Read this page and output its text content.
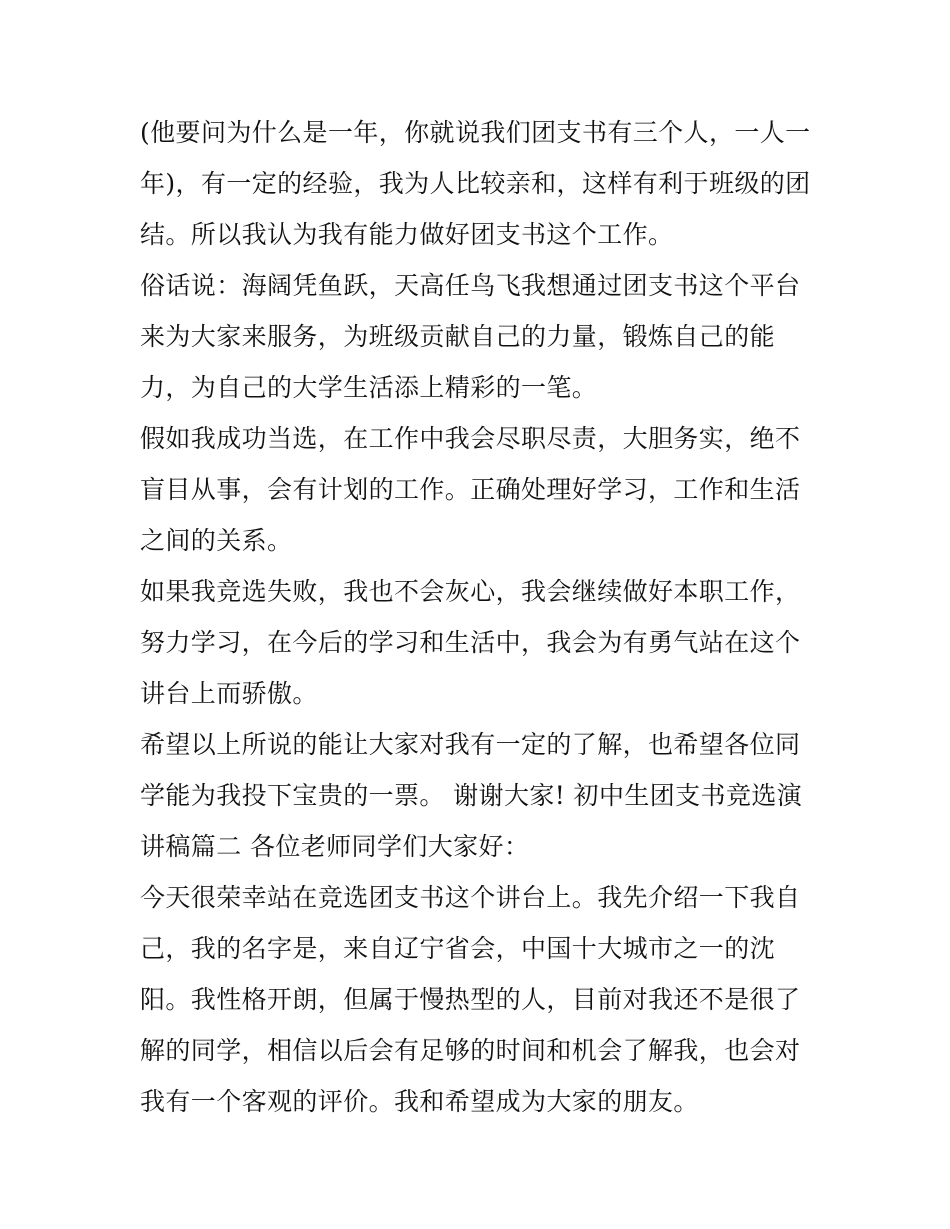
(他要问为什么是一年，你就说我们团支书有三个人，一人一年)，有一定的经验，我为人比较亲和，这样有利于班级的团结。所以我认为我有能力做好团支书这个工作。

俗话说：海阔凭鱼跃，天高任鸟飞我想通过团支书这个平台来为大家来服务，为班级贡献自己的力量，锻炼自己的能力，为自己的大学生活添上精彩的一笔。

假如我成功当选，在工作中我会尽职尽责，大胆务实，绝不盲目从事，会有计划的工作。正确处理好学习，工作和生活之间的关系。

如果我竞选失败，我也不会灰心，我会继续做好本职工作，努力学习，在今后的学习和生活中，我会为有勇气站在这个讲台上而骄傲。

希望以上所说的能让大家对我有一定的了解，也希望各位同学能为我投下宝贵的一票。 谢谢大家! 初中生团支书竞选演讲稿篇二 各位老师同学们大家好：

今天很荣幸站在竞选团支书这个讲台上。我先介绍一下我自己，我的名字是，来自辽宁省会，中国十大城市之一的沈阳。我性格开朗，但属于慢热型的人，目前对我还不是很了解的同学，相信以后会有足够的时间和机会了解我，也会对我有一个客观的评价。我和希望成为大家的朋友。
